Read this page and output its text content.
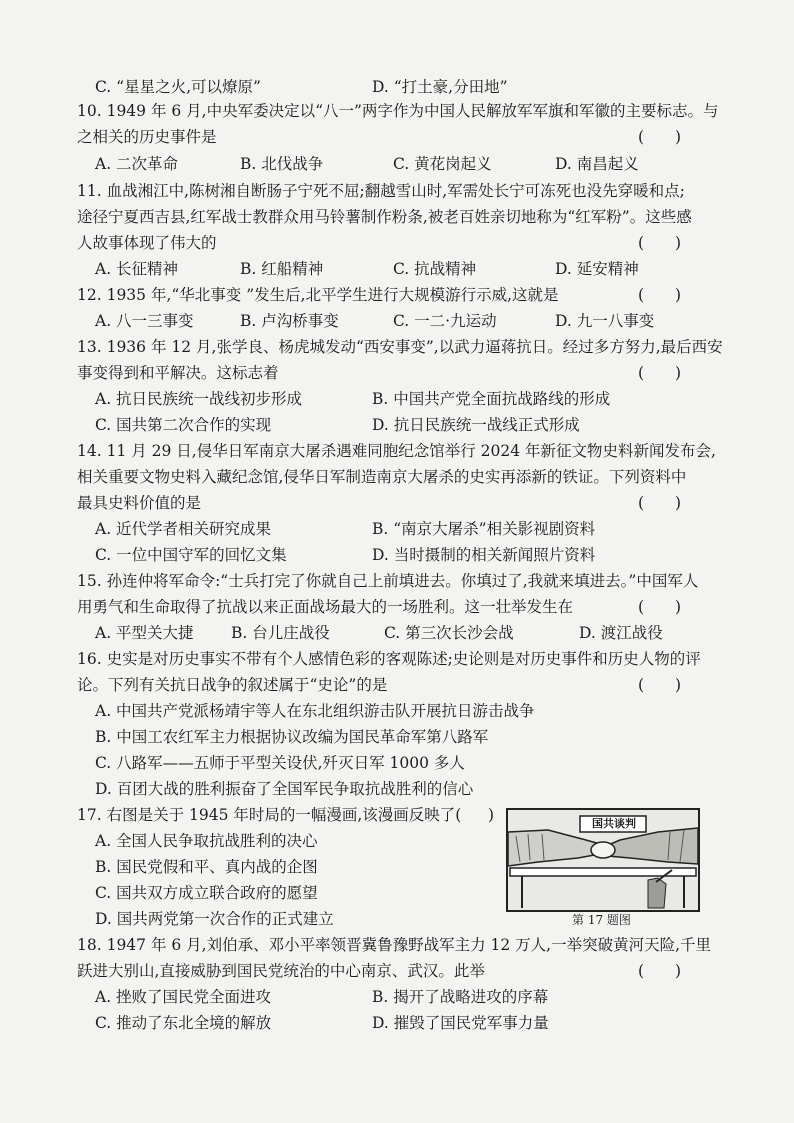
C. “星星之火,可以燎原”	D. “打土豪,分田地”
10. 1949 年 6 月,中央军委决定以“八一”两字作为中国人民解放军军旗和军徽的主要标志。与
之相关的历史事件是	(　　)
A. 二次革命	B. 北伐战争	C. 黄花岗起义	D. 南昌起义
11. 血战湘江中,陈树湘自断肠子宁死不屈;翻越雪山时,军需处长宁可冻死也没先穿暖和点;
途径宁夏西吉县,红军战士教群众用马铃薯制作粉条,被老百姓亲切地称为“红军粉”。这些感
人故事体现了伟大的	(　　)
A. 长征精神	B. 红船精神	C. 抗战精神	D. 延安精神
12. 1935 年,“华北事变 ”发生后,北平学生进行大规模游行示威,这就是	(　　)
A. 八一三事变	B. 卢沟桥事变	C. 一二·九运动	D. 九一八事变
13. 1936 年 12 月,张学良、杨虎城发动“西安事变”,以武力逼蒋抗日。经过多方努力,最后西安
事变得到和平解决。这标志着	(　　)
A. 抗日民族统一战线初步形成	B. 中国共产党全面抗战路线的形成
C. 国共第二次合作的实现	D. 抗日民族统一战线正式形成
14. 11 月 29 日,侵华日军南京大屠杀遇难同胞纪念馆举行 2024 年新征文物史料新闻发布会,
相关重要文物史料入藏纪念馆,侵华日军制造南京大屠杀的史实再添新的铁证。下列资料中
最具史料价值的是	(　　)
A. 近代学者相关研究成果	B. “南京大屠杀”相关影视剧资料
C. 一位中国守军的回忆文集	D. 当时摄制的相关新闻照片资料
15. 孙连仲将军命令:“士兵打完了你就自己上前填进去。你填过了,我就来填进去。”中国军人
用勇气和生命取得了抗战以来正面战场最大的一场胜利。这一壮举发生在	(　　)
A. 平型关大捷 B. 台儿庄战役	C. 第三次长沙会战	D. 渡江战役
16. 史实是对历史事实不带有个人感情色彩的客观陈述;史论则是对历史事件和历史人物的评
论。下列有关抗日战争的叙述属于“史论”的是	(　　)
A. 中国共产党派杨靖宇等人在东北组织游击队开展抗日游击战争
B. 中国工农红军主力根据协议改编为国民革命军第八路军
C. 八路军——五师于平型关设伏,歼灭日军 1000 多人
D. 百团大战的胜利振奋了全国军民争取抗战胜利的信心
17. 右图是关于 1945 年时局的一幅漫画,该漫画反映了( )
A. 全国人民争取抗战胜利的决心
B. 国民党假和平、真内战的企图
C. 国共双方成立联合政府的愿望
D. 国共两党第一次合作的正式建立
国共谈判
第 17 题图
18. 1947 年 6 月,刘伯承、邓小平率领晋冀鲁豫野战军主力 12 万人,一举突破黄河天险,千里
跃进大别山,直接威胁到国民党统治的中心南京、武汉。此举	(　　)
A. 挫败了国民党全面进攻	B. 揭开了战略进攻的序幕
C. 推动了东北全境的解放	D. 摧毁了国民党军事力量
